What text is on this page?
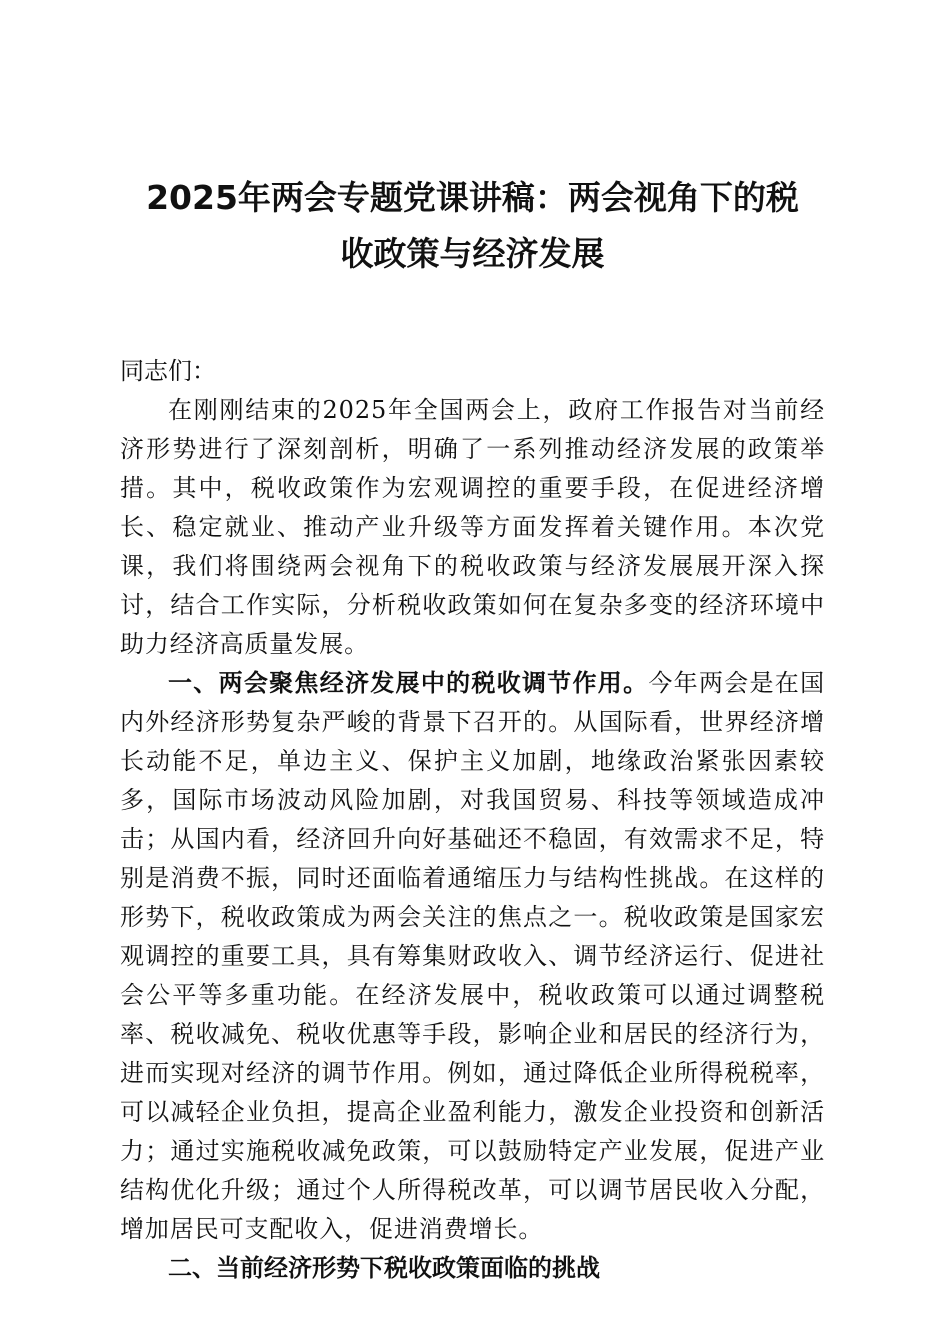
2025年两会专题党课讲稿：两会视角下的税
收政策与经济发展

同志们：

在刚刚结束的2025年全国两会上，政府工作报告对当前经济形势进行了深刻剖析，明确了一系列推动经济发展的政策举措。其中，税收政策作为宏观调控的重要手段，在促进经济增长、稳定就业、推动产业升级等方面发挥着关键作用。本次党课，我们将围绕两会视角下的税收政策与经济发展展开深入探讨，结合工作实际，分析税收政策如何在复杂多变的经济环境中助力经济高质量发展。

一、两会聚焦经济发展中的税收调节作用。今年两会是在国内外经济形势复杂严峻的背景下召开的。从国际看，世界经济增长动能不足，单边主义、保护主义加剧，地缘政治紧张因素较多，国际市场波动风险加剧，对我国贸易、科技等领域造成冲击；从国内看，经济回升向好基础还不稳固，有效需求不足，特别是消费不振，同时还面临着通缩压力与结构性挑战。在这样的形势下，税收政策成为两会关注的焦点之一。税收政策是国家宏观调控的重要工具，具有筹集财政收入、调节经济运行、促进社会公平等多重功能。在经济发展中，税收政策可以通过调整税率、税收减免、税收优惠等手段，影响企业和居民的经济行为，进而实现对经济的调节作用。例如，通过降低企业所得税税率，可以减轻企业负担，提高企业盈利能力，激发企业投资和创新活力；通过实施税收减免政策，可以鼓励特定产业发展，促进产业结构优化升级；通过个人所得税改革，可以调节居民收入分配，增加居民可支配收入，促进消费增长。

二、当前经济形势下税收政策面临的挑战
